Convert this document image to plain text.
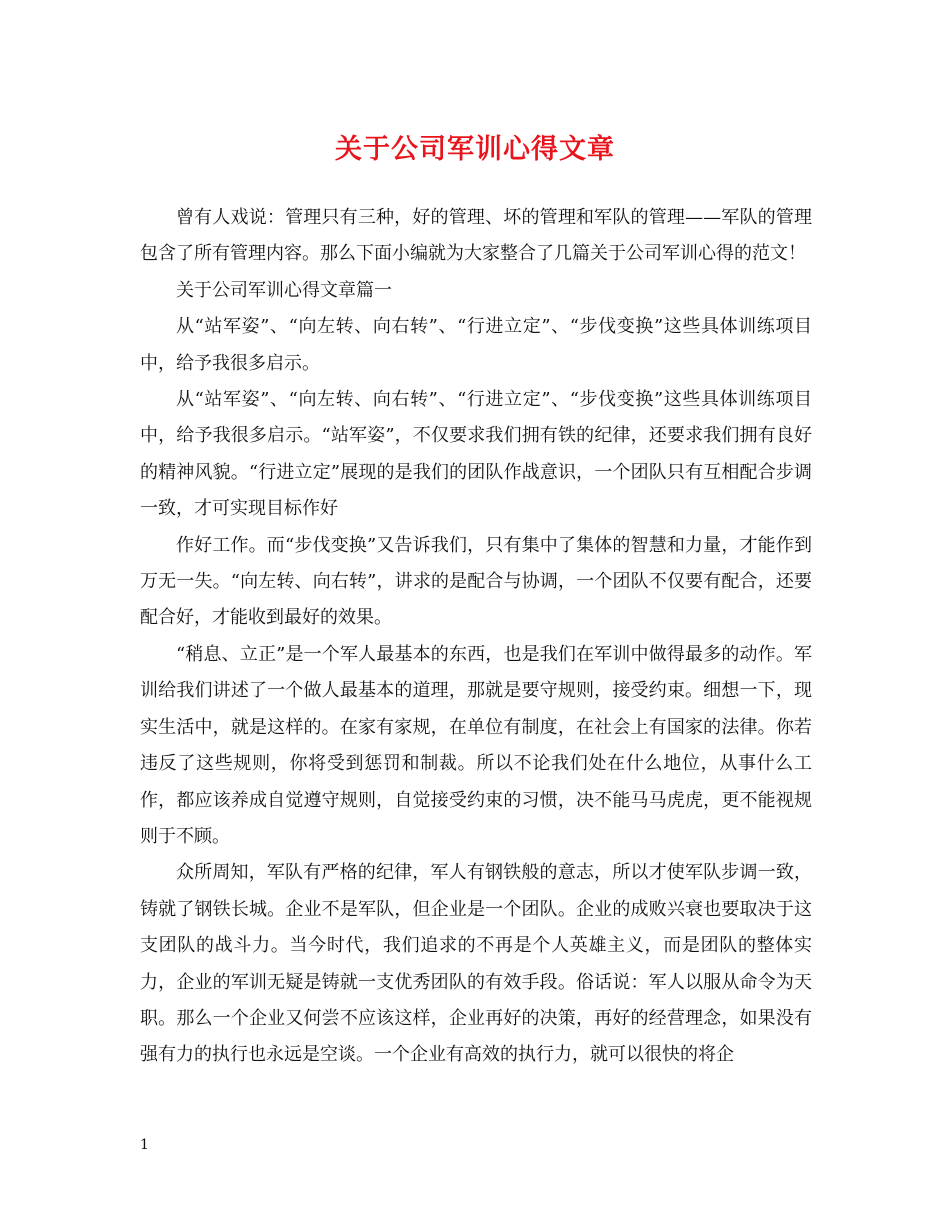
关于公司军训心得文章

曾有人戏说：管理只有三种，好的管理、坏的管理和军队的管理——军队的管理包含了所有管理内容。那么下面小编就为大家整合了几篇关于公司军训心得的范文！

关于公司军训心得文章篇一

从“站军姿”、“向左转、向右转”、“行进立定”、“步伐变换”这些具体训练项目中，给予我很多启示。

从“站军姿”、“向左转、向右转”、“行进立定”、“步伐变换”这些具体训练项目中，给予我很多启示。“站军姿”，不仅要求我们拥有铁的纪律，还要求我们拥有良好的精神风貌。“行进立定”展现的是我们的团队作战意识，一个团队只有互相配合步调一致，才可实现目标作好

作好工作。而“步伐变换”又告诉我们，只有集中了集体的智慧和力量，才能作到万无一失。“向左转、向右转”，讲求的是配合与协调，一个团队不仅要有配合，还要配合好，才能收到最好的效果。

“稍息、立正”是一个军人最基本的东西，也是我们在军训中做得最多的动作。军训给我们讲述了一个做人最基本的道理，那就是要守规则，接受约束。细想一下，现实生活中，就是这样的。在家有家规，在单位有制度，在社会上有国家的法律。你若违反了这些规则，你将受到惩罚和制裁。所以不论我们处在什么地位，从事什么工作，都应该养成自觉遵守规则，自觉接受约束的习惯，决不能马马虎虎，更不能视规则于不顾。

众所周知，军队有严格的纪律，军人有钢铁般的意志，所以才使军队步调一致，铸就了钢铁长城。企业不是军队，但企业是一个团队。企业的成败兴衰也要取决于这支团队的战斗力。当今时代，我们追求的不再是个人英雄主义，而是团队的整体实力，企业的军训无疑是铸就一支优秀团队的有效手段。俗话说：军人以服从命令为天职。那么一个企业又何尝不应该这样，企业再好的决策，再好的经营理念，如果没有强有力的执行也永远是空谈。一个企业有高效的执行力，就可以很快的将企

1
